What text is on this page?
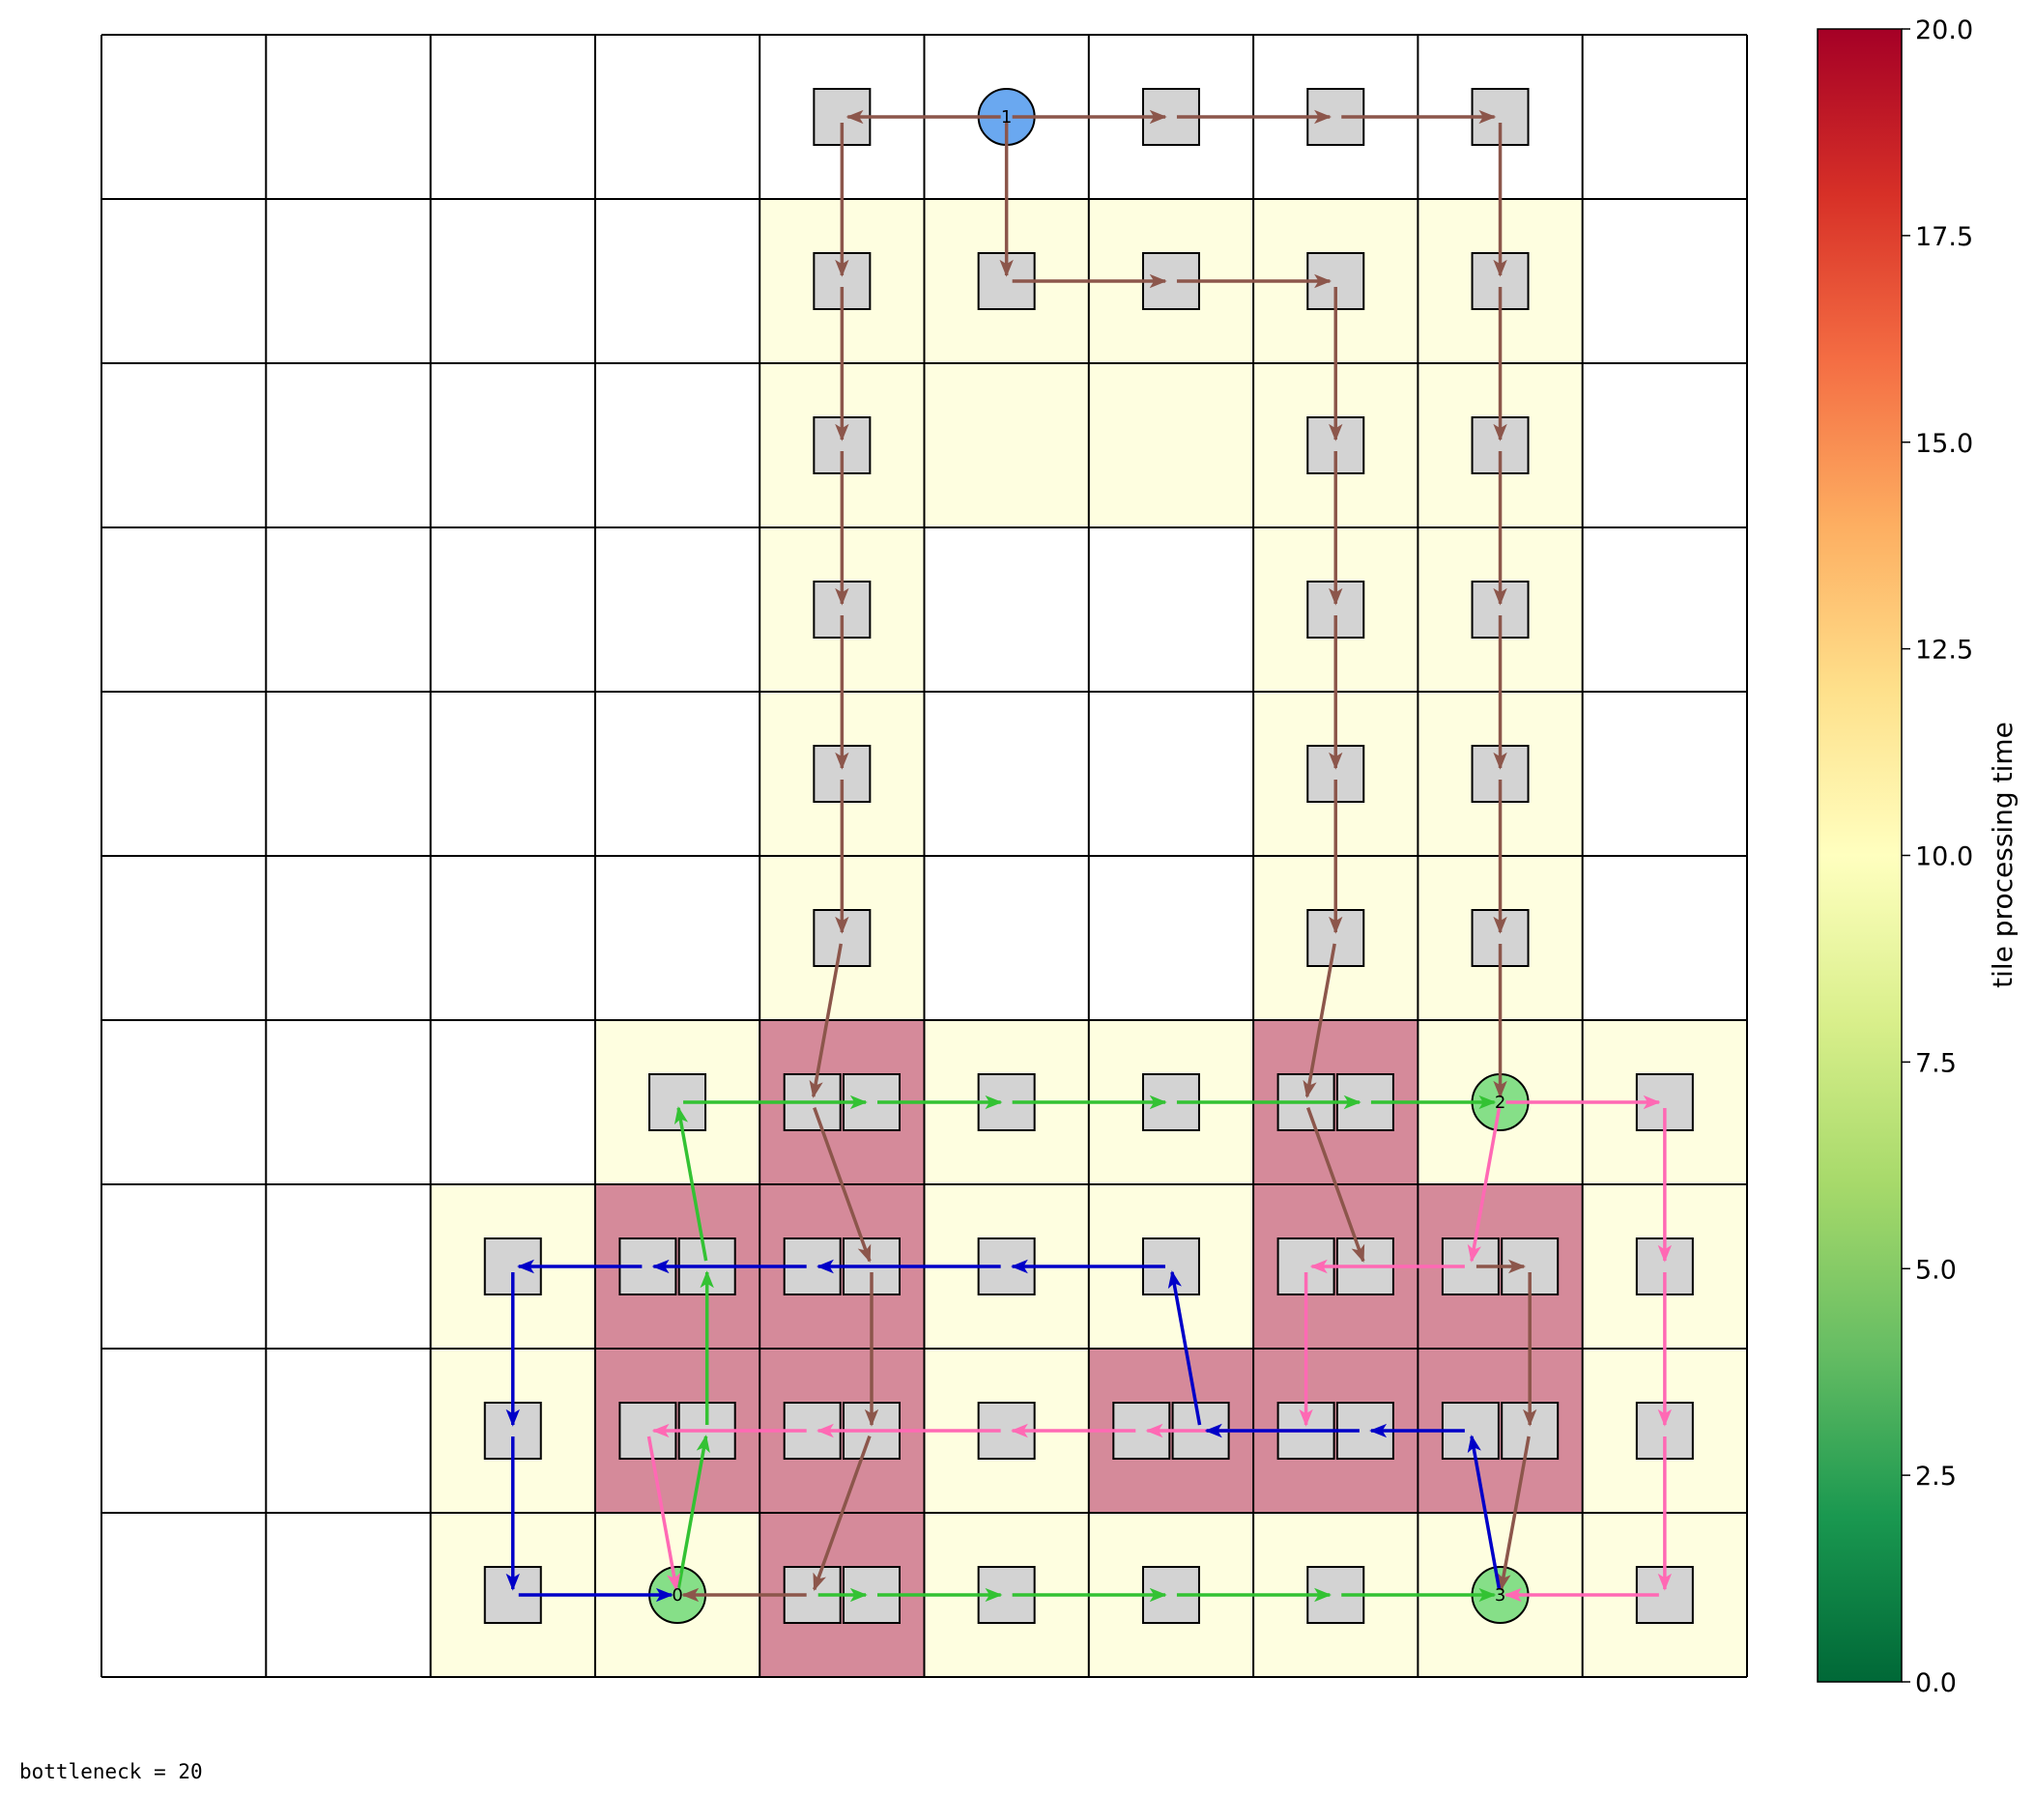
0
1
2
3
0.0
2.5
5.0
7.5
10.0
12.5
15.0
17.5
20.0
tile processing time
bottleneck = 20
